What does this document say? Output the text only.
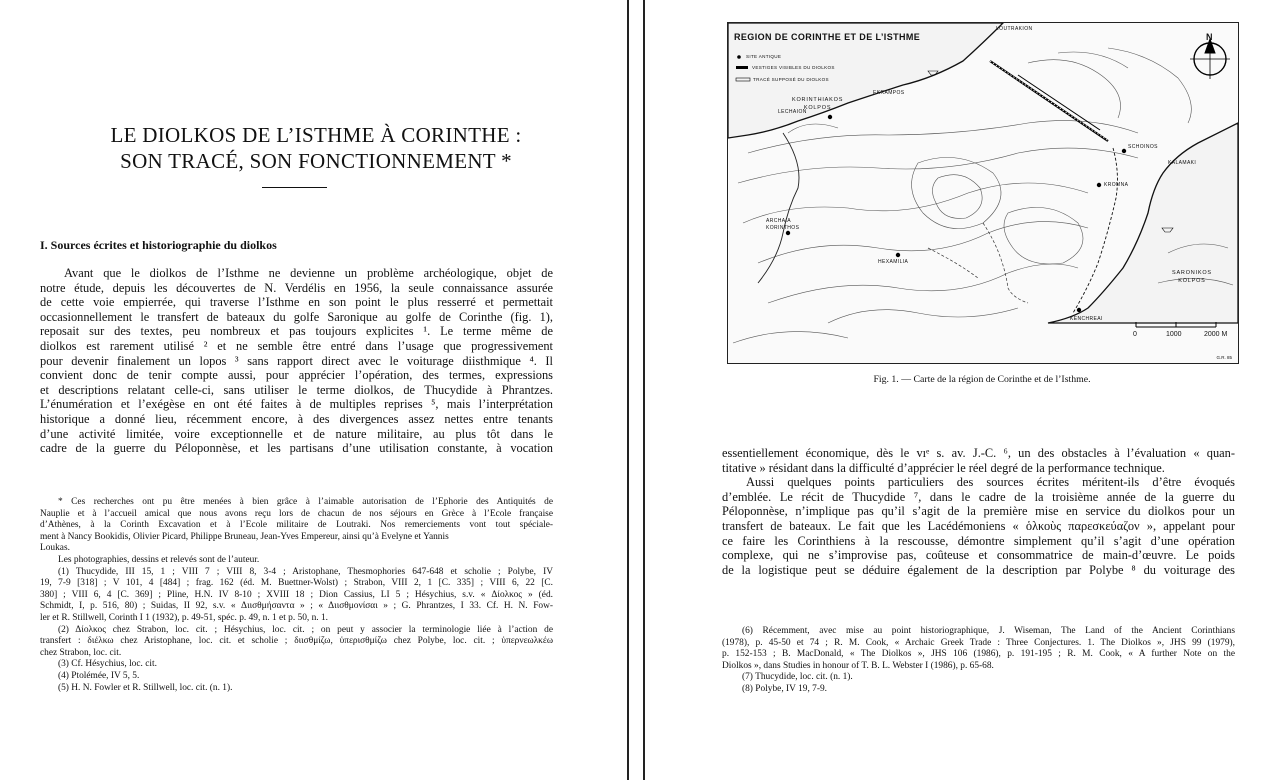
LE DIOLKOS DE L’ISTHME À CORINTHE :
SON TRACÉ, SON FONCTIONNEMENT *
I. Sources écrites et historiographie du diolkos
Avant que le diolkos de l’Isthme ne devienne un problème archéologique, objet de
notre étude, depuis les découvertes de N. Verdélis en 1956, la seule connaissance assurée
de cette voie empierrée, qui traverse l’Isthme en son point le plus resserré et permettait
occasionnellement le transfert de bateaux du golfe Saronique au golfe de Corinthe (fig. 1),
reposait sur des textes, peu nombreux et pas toujours explicites ¹. Le terme même de
diolkos est rarement utilisé ² et ne semble être entré dans l’usage que progressivement
pour devenir finalement un lopos ³ sans rapport direct avec le voiturage diisthmique ⁴. Il
convient donc de tenir compte aussi, pour apprécier l’opération, des termes, expressions
et descriptions relatant celle-ci, sans utiliser le terme diolkos, de Thucydide à Phrantzes.
L’énumération et l’exégèse en ont été faites à de multiples reprises ⁵, mais l’interprétation
historique a donné lieu, récemment encore, à des divergences assez nettes entre tenants
d’une activité limitée, voire exceptionnelle et de nature militaire, au plus tôt dans le
cadre de la guerre du Péloponnèse, et les partisans d’une utilisation constante, à vocation
* Ces recherches ont pu être menées à bien grâce à l’aimable autorisation de l’Éphorie des Antiquités de
Nauplie et à l’accueil amical que nous avons reçu lors de chacun de nos séjours en Grèce à l’École française
d’Athènes, à la Corinth Excavation et à l’École militaire de Loutraki. Nos remerciements vont tout spéciale-
ment à Nancy Bookidis, Olivier Picard, Philippe Bruneau, Jean-Yves Empereur, ainsi qu’à Évelyne et Yannis
Loukas.
Les photographies, dessins et relevés sont de l’auteur.
(1) Thucydide, III 15, 1 ; VIII 7 ; VIII 8, 3-4 ; Aristophane, Thesmophories 647-648 et scholie ; Polybe, IV
19, 7-9 [318] ; V 101, 4 [484] ; frag. 162 (éd. M. Buettner-Wolst) ; Strabon, VIII 2, 1 [C. 335] ; VIII 6, 22 [C.
380] ; VIII 6, 4 [C. 369] ; Pline, H.N. IV 8-10 ; XVIII 18 ; Dion Cassius, LI 5 ; Hésychius, s.v. « Δίολκος » (éd.
Schmidt, I, p. 516, 80) ; Suidas, II 92, s.v. « Διισθμήσαντα » ; « Διισθμονίσαι » ; G. Phrantzes, I 33. Cf. H. N. Fow-
ler et R. Stillwell, Corinth I 1 (1932), p. 49-51, spéc. p. 49, n. 1 et p. 50, n. 1.
(2) Δίολκος chez Strabon, loc. cit. ; Hésychius, loc. cit. ; on peut y associer la terminologie liée à l’action de
transfert : διέλκω chez Aristophane, loc. cit. et scholie ; διισθμίζω, ὑπερισθμίζω chez Polybe, loc. cit. ; ὑπερνεωλκέω
chez Strabon, loc. cit.
(3) Cf. Hésychius, loc. cit.
(4) Ptolémée, IV 5, 5.
(5) H. N. Fowler et R. Stillwell, loc. cit. (n. 1).
REGION DE CORINTHE ET DE L’ISTHME
SITE ANTIQUE
VESTIGES VISIBLES DU DIOLKOS
TRACÉ SUPPOSÉ DU DIOLKOS
LOUTRAKION
LECHAION
EKRAMPOS
KENCHREAI
HEXAMILIA
ARCHAIA KORINTHOS
KALAMAKI
SCHOINOS
KROMNA
KORINTHIAKOS
KOLPOS
SARONIKOS
KOLPOS
N
0	1000	2000 M
G.R. 85

Fig. 1. — Carte de la région de Corinthe et de l’Isthme.

essentiellement économique, dès le vıᵉ s. av. J.-C. ⁶, un des obstacles à l’évaluation « quan-
titative » résidant dans la difficulté d’apprécier le réel degré de la performance technique.
Aussi quelques points particuliers des sources écrites méritent-ils d’être évoqués
d’emblée. Le récit de Thucydide ⁷, dans le cadre de la troisième année de la guerre du
Péloponnèse, n’implique pas qu’il s’agit de la première mise en service du diolkos pour un
transfert de bateaux. Le fait que les Lacédémoniens « ὁλκοὺς παρεσκεύαζον », appelant pour
ce faire les Corinthiens à la rescousse, démontre simplement qu’il s’agit d’une opération
complexe, qui ne s’improvise pas, coûteuse et consommatrice de main-d’œuvre. Le poids
de la logistique peut se déduire également de la description par Polybe ⁸ du voiturage des
(6) Récemment, avec mise au point historiographique, J. Wiseman, The Land of the Ancient Corinthians
(1978), p. 45-50 et 74 ; R. M. Cook, « Archaic Greek Trade : Three Conjectures. 1. The Diolkos », JHS 99 (1979),
p. 152-153 ; B. MacDonald, « The Diolkos », JHS 106 (1986), p. 191-195 ; R. M. Cook, « A further Note on the
Diolkos », dans Studies in honour of T. B. L. Webster I (1986), p. 65-68.
(7) Thucydide, loc. cit. (n. 1).
(8) Polybe, IV 19, 7-9.
